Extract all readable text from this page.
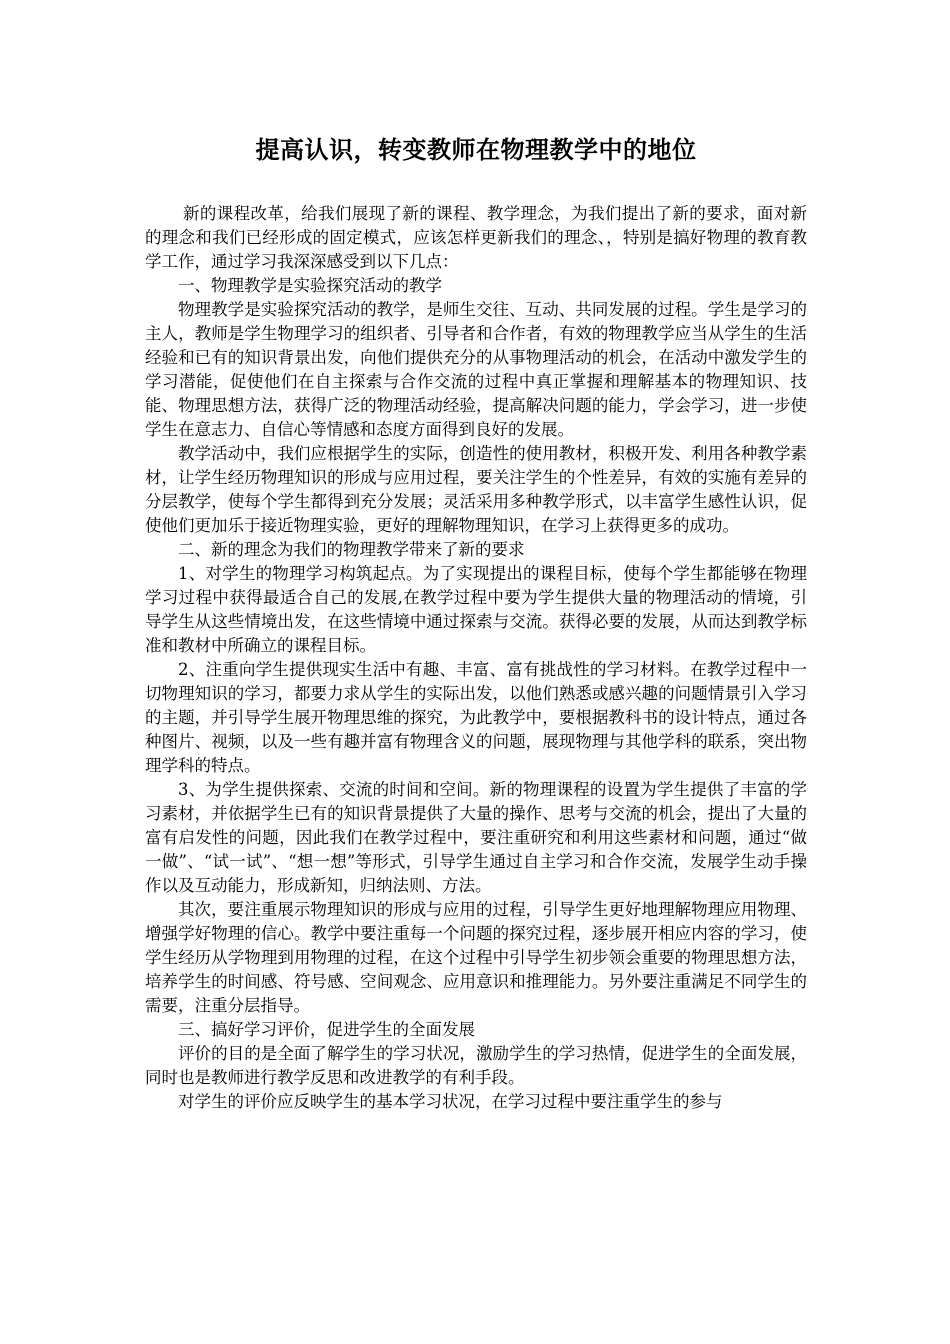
提高认识，转变教师在物理教学中的地位

新的课程改革，给我们展现了新的课程、教学理念，为我们提出了新的要求，面对新的理念和我们已经形成的固定模式，应该怎样更新我们的理念、，特别是搞好物理的教育教学工作，通过学习我深深感受到以下几点：

一、物理教学是实验探究活动的教学

物理教学是实验探究活动的教学，是师生交往、互动、共同发展的过程。学生是学习的主人，教师是学生物理学习的组织者、引导者和合作者，有效的物理教学应当从学生的生活经验和已有的知识背景出发，向他们提供充分的从事物理活动的机会，在活动中激发学生的学习潜能，促使他们在自主探索与合作交流的过程中真正掌握和理解基本的物理知识、技能、物理思想方法，获得广泛的物理活动经验，提高解决问题的能力，学会学习，进一步使学生在意志力、自信心等情感和态度方面得到良好的发展。

教学活动中，我们应根据学生的实际，创造性的使用教材，积极开发、利用各种教学素材，让学生经历物理知识的形成与应用过程，要关注学生的个性差异，有效的实施有差异的分层教学，使每个学生都得到充分发展；灵活采用多种教学形式，以丰富学生感性认识，促使他们更加乐于接近物理实验，更好的理解物理知识，在学习上获得更多的成功。

二、新的理念为我们的物理教学带来了新的要求

1、对学生的物理学习构筑起点。为了实现提出的课程目标，使每个学生都能够在物理学习过程中获得最适合自己的发展,在教学过程中要为学生提供大量的物理活动的情境，引导学生从这些情境出发，在这些情境中通过探索与交流。获得必要的发展，从而达到教学标准和教材中所确立的课程目标。

2、注重向学生提供现实生活中有趣、丰富、富有挑战性的学习材料。在教学过程中一切物理知识的学习，都要力求从学生的实际出发，以他们熟悉或感兴趣的问题情景引入学习的主题，并引导学生展开物理思维的探究，为此教学中，要根据教科书的设计特点，通过各种图片、视频，以及一些有趣并富有物理含义的问题，展现物理与其他学科的联系，突出物理学科的特点。

3、为学生提供探索、交流的时间和空间。新的物理课程的设置为学生提供了丰富的学习素材，并依据学生已有的知识背景提供了大量的操作、思考与交流的机会，提出了大量的富有启发性的问题，因此我们在教学过程中，要注重研究和利用这些素材和问题，通过“做一做”、“试一试”、“想一想”等形式，引导学生通过自主学习和合作交流，发展学生动手操作以及互动能力，形成新知，归纳法则、方法。

其次，要注重展示物理知识的形成与应用的过程，引导学生更好地理解物理应用物理、增强学好物理的信心。教学中要注重每一个问题的探究过程，逐步展开相应内容的学习，使学生经历从学物理到用物理的过程，在这个过程中引导学生初步领会重要的物理思想方法，培养学生的时间感、符号感、空间观念、应用意识和推理能力。另外要注重满足不同学生的需要，注重分层指导。

三、搞好学习评价，促进学生的全面发展

评价的目的是全面了解学生的学习状况，激励学生的学习热情，促进学生的全面发展，同时也是教师进行教学反思和改进教学的有利手段。

对学生的评价应反映学生的基本学习状况，在学习过程中要注重学生的参与
